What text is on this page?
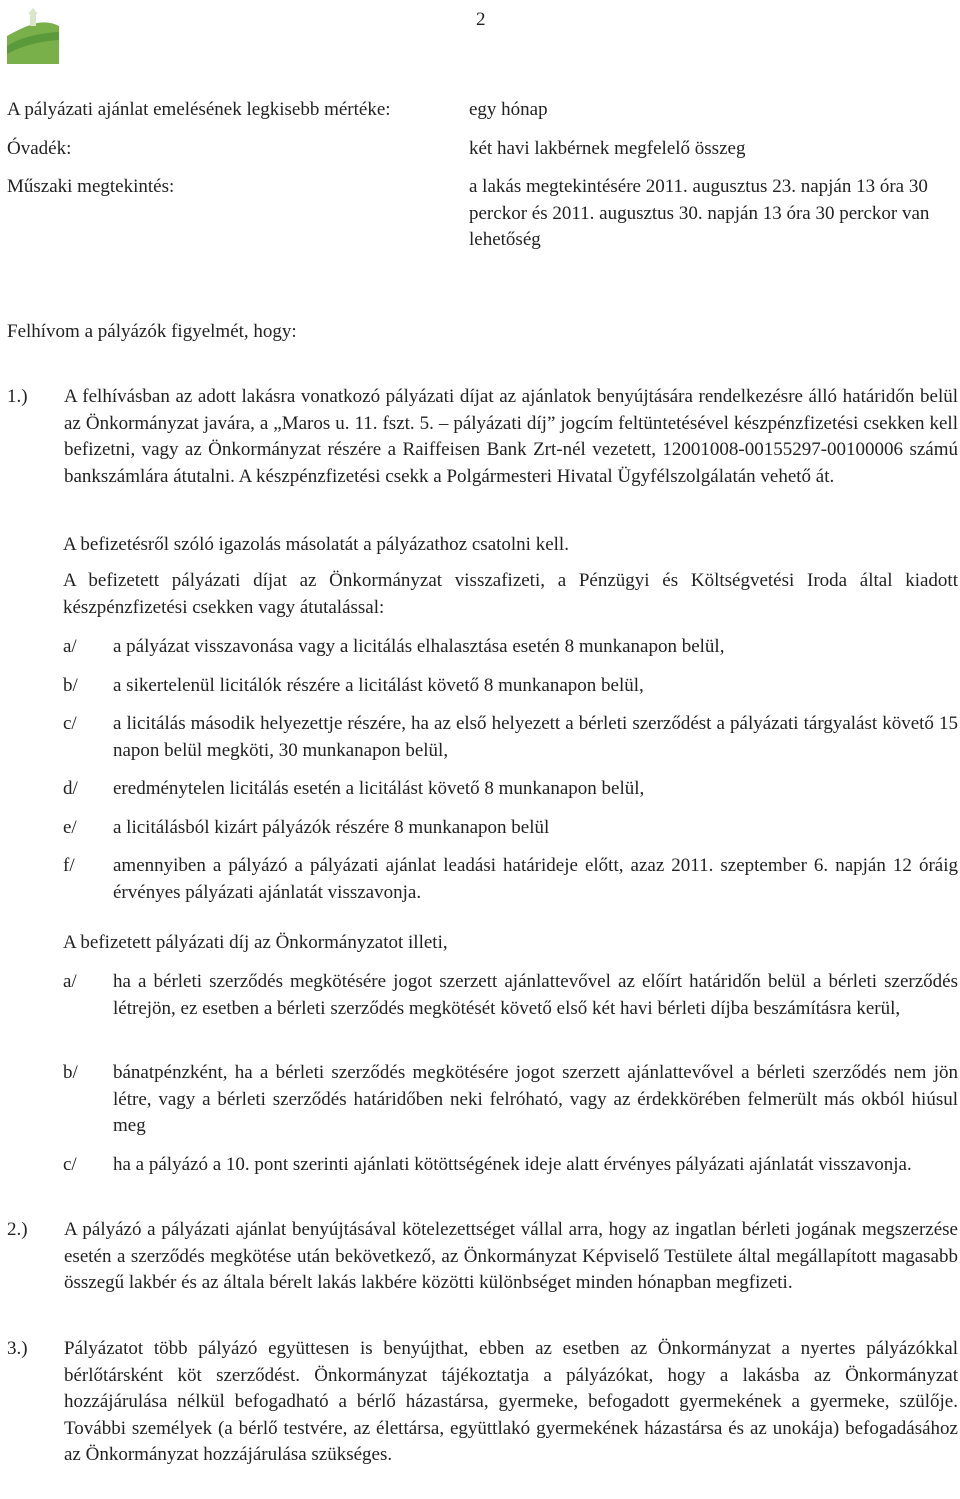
2
A pályázati ajánlat emelésének legkisebb mértéke:	egy hónap
Óvadék:	két havi lakbérnek megfelelő összeg
Műszaki megtekintés:	a lakás megtekintésére 2011. augusztus 23. napján 13 óra 30 perckor és 2011. augusztus 30. napján 13 óra 30 perckor van lehetőség
Felhívom a pályázók figyelmét, hogy:
1.) A felhívásban az adott lakásra vonatkozó pályázati díjat az ajánlatok benyújtására rendelkezésre álló határidőn belül az Önkormányzat javára, a „Maros u. 11. fszt. 5. – pályázati díj” jogcím feltüntetésével készpénzfizetési csekken kell befizetni, vagy az Önkormányzat részére a Raiffeisen Bank Zrt-nél vezetett, 12001008-00155297-00100006 számú bankszámlára átutalni. A készpénzfizetési csekk a Polgármesteri Hivatal Ügyfélszolgálatán vehető át.
A befizetésről szóló igazolás másolatát a pályázathoz csatolni kell.
A befizetett pályázati díjat az Önkormányzat visszafizeti, a Pénzügyi és Költségvetési Iroda által kiadott készpénzfizetési csekken vagy átutalással:
a/ a pályázat visszavonása vagy a licitálás elhalasztása esetén 8 munkanapon belül,
b/ a sikertelenül licitálók részére a licitálást követő 8 munkanapon belül,
c/ a licitálás második helyezettje részére, ha az első helyezett a bérleti szerződést a pályázati tárgyalást követő 15 napon belül megköti, 30 munkanapon belül,
d/ eredménytelen licitálás esetén a licitálást követő 8 munkanapon belül,
e/ a licitálásból kizárt pályázók részére 8 munkanapon belül
f/ amennyiben a pályázó a pályázati ajánlat leadási határideje előtt, azaz 2011. szeptember 6. napján 12 óráig érvényes pályázati ajánlatát visszavonja.
A befizetett pályázati díj az Önkormányzatot illeti,
a/ ha a bérleti szerződés megkötésére jogot szerzett ajánlattevővel az előírt határidőn belül a bérleti szerződés létrejön, ez esetben a bérleti szerződés megkötését követő első két havi bérleti díjba beszámításra kerül,
b/ bánatpénzként, ha a bérleti szerződés megkötésére jogot szerzett ajánlattevővel a bérleti szerződés nem jön létre, vagy a bérleti szerződés határidőben neki felróható, vagy az érdekkörében felmerült más okból hiúsul meg
c/ ha a pályázó a 10. pont szerinti ajánlati kötöttségének ideje alatt érvényes pályázati ajánlatát visszavonja.
2.) A pályázó a pályázati ajánlat benyújtásával kötelezettséget vállal arra, hogy az ingatlan bérleti jogának megszerzése esetén a szerződés megkötése után bekövetkező, az Önkormányzat Képviselő Testülete által megállapított magasabb összegű lakbér és az általa bérelt lakás lakbére közötti különbséget minden hónapban megfizeti.
3.) Pályázatot több pályázó együttesen is benyújthat, ebben az esetben az Önkormányzat a nyertes pályázókkal bérlőtársként köt szerződést. Önkormányzat tájékoztatja a pályázókat, hogy a lakásba az Önkormányzat hozzájárulása nélkül befogadható a bérlő házastársa, gyermeke, befogadott gyermekének a gyermeke, szülője. További személyek (a bérlő testvére, az élettársa, együttlakó gyermekének házastársa és az unokája) befogadásához az Önkormányzat hozzájárulása szükséges.
